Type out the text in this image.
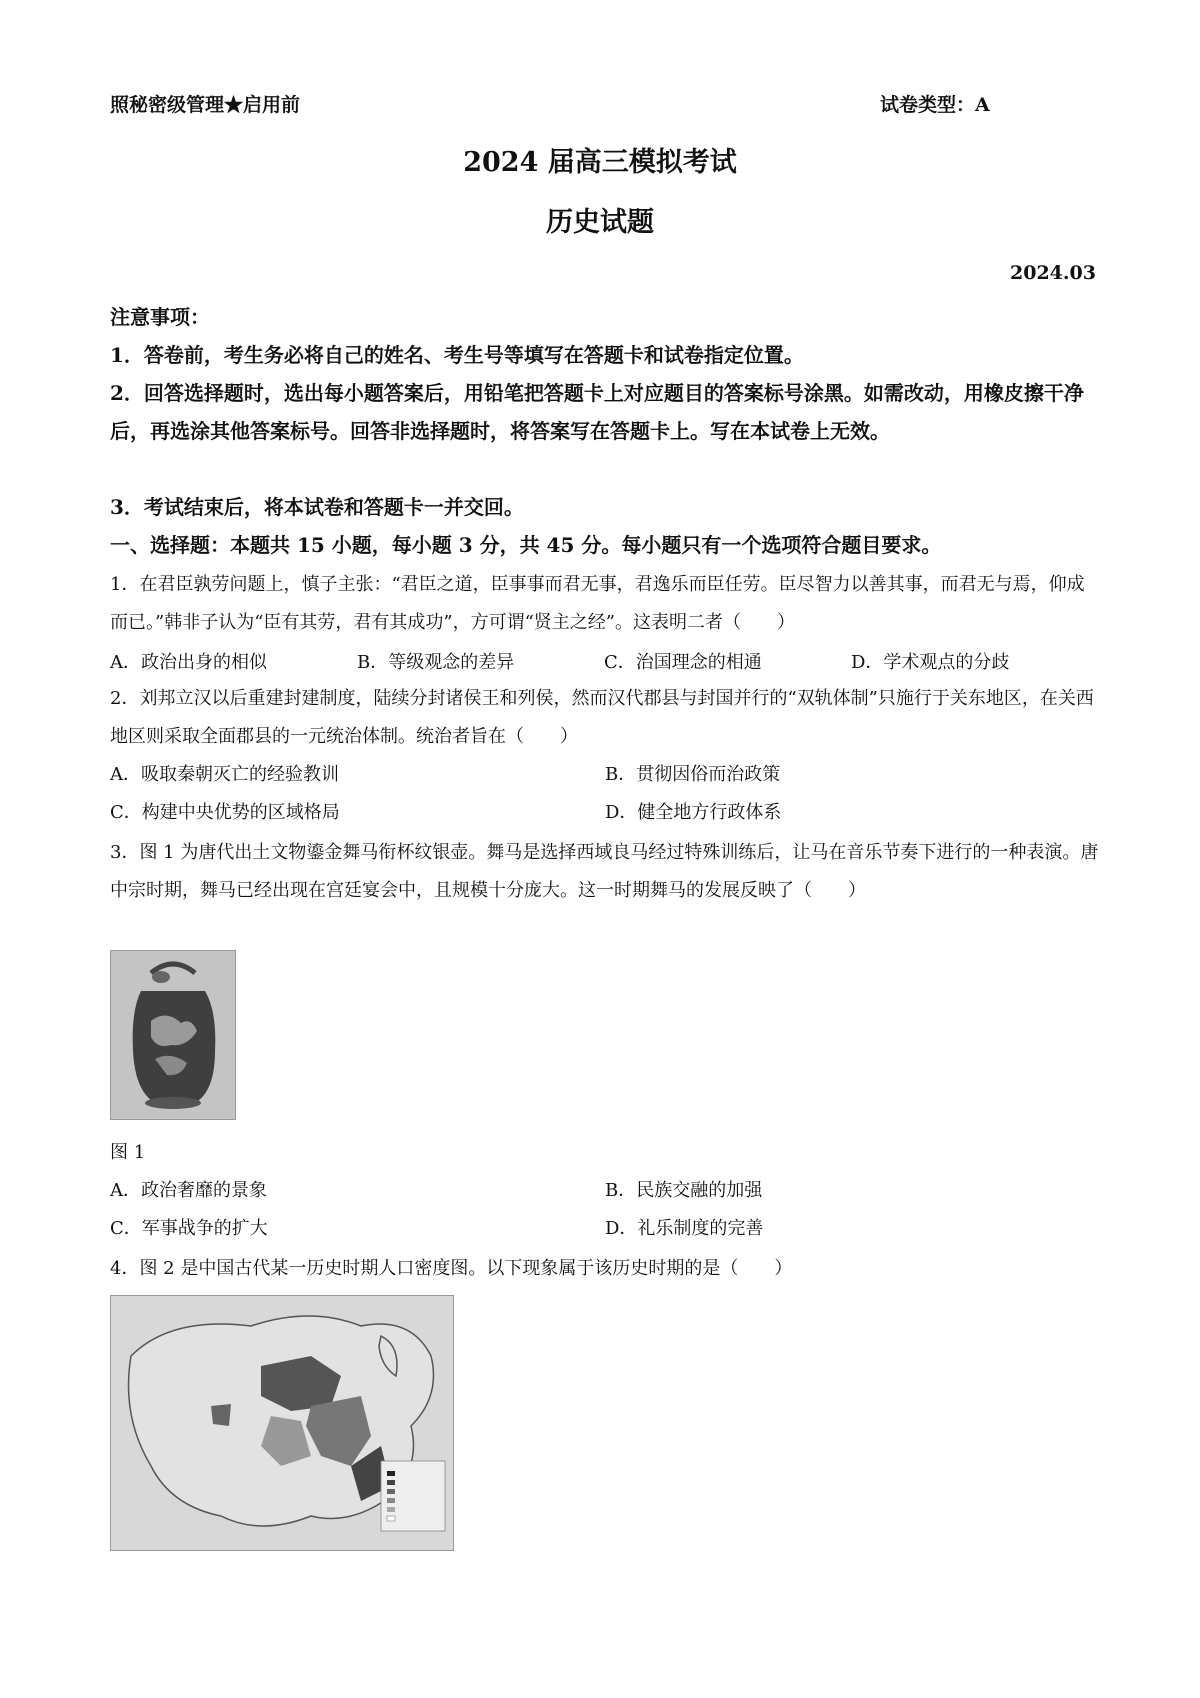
照秘密级管理★启用前	试卷类型：A
2024 届高三模拟考试
历史试题
2024.03
注意事项：
1．答卷前，考生务必将自己的姓名、考生号等填写在答题卡和试卷指定位置。
2．回答选择题时，选出每小题答案后，用铅笔把答题卡上对应题目的答案标号涂黑。如需改动，用橡皮擦干净后，再选涂其他答案标号。回答非选择题时，将答案写在答题卡上。写在本试卷上无效。
3．考试结束后，将本试卷和答题卡一并交回。
一、选择题：本题共 15 小题，每小题 3 分，共 45 分。每小题只有一个选项符合题目要求。
1．在君臣孰劳问题上，慎子主张：“君臣之道，臣事事而君无事，君逸乐而臣任劳。臣尽智力以善其事，而君无与焉，仰成而已。”韩非子认为“臣有其劳，君有其成功”，方可谓“贤主之经”。这表明二者（　　）
A．政治出身的相似	B．等级观念的差异	C．治国理念的相通	D．学术观点的分歧
2．刘邦立汉以后重建封建制度，陆续分封诸侯王和列侯，然而汉代郡县与封国并行的“双轨体制”只施行于关东地区，在关西地区则采取全面郡县的一元统治体制。统治者旨在（　　）
A．吸取秦朝灭亡的经验教训	B．贯彻因俗而治政策
C．构建中央优势的区域格局	D．健全地方行政体系
3．图 1 为唐代出土文物鎏金舞马衔杯纹银壶。舞马是选择西域良马经过特殊训练后，让马在音乐节奏下进行的一种表演。唐中宗时期，舞马已经出现在宫廷宴会中，且规模十分庞大。这一时期舞马的发展反映了（　　）
图 1
A．政治奢靡的景象	B．民族交融的加强
C．军事战争的扩大	D．礼乐制度的完善
4．图 2 是中国古代某一历史时期人口密度图。以下现象属于该历史时期的是（　　）
